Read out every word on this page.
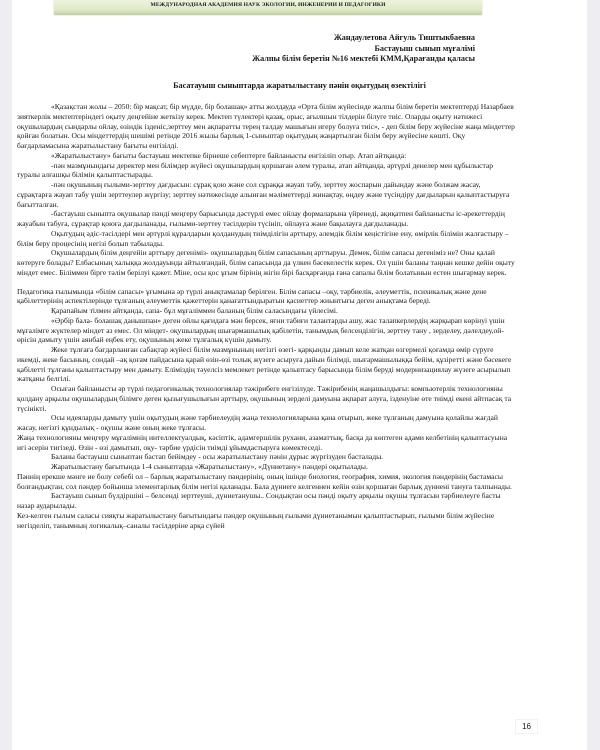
МЕЖДУНАРОДНАЯ АКАДЕМИЯ НАУК ЭКОЛОГИИ, ИНЖЕНЕРИИ И ПЕДАГОГИКИ
Жандаулетова Айгуль Тиштыкбаевна
Бастауыш сынып мұғалімі
Жалпы білім беретін №16 мектебі КММ,Қарағанды қаласы
Басатауыш сыныптарда жаратылыстану пәнін оқытудың өзектілігі

«Қазақстан жолы – 2050: бір мақсат, бір мүдде, бір болашақ» атты жолдауда «Орта білім жүйесінде жалпы білім беретін мектептерді Назарбаев зияткерлік мектептеріндегі оқыту деңгейіне жеткізу керек. Мектеп түлектері қазақ, орыс, ағылшын тілдерін білуге тиіс. Оларды оқыту нәтижесі оқушылардың сындарлы ойлау, өзіндік ізденіс,зерттеу мен ақпаратты терең талдау машығын игеру болуға тиіс», - деп білім беру жүйесіне жаңа міндеттер қойған болатын. Осы міндеттердің шешімі ретінде 2016 жылы барлық 1-сыныптар оқытудың жаңартылған білім беру жүйесіне көшті. Оқу бағдарламасына жаратылыстану бағыты енгізілді.

«Жаратылыстану» бағыты бастауыш мектепке бірнеше себептерге байланысты енгізіліп отыр. Атап айтқанда:

-пән мазмұнындағы деректер мен білімдер жүйесі оқушылардың қоршаған әлем туралы, атап айтқанда, әртүрлі денелер мен құбылыстар туралы алғашқы білімін қалыптастырады.

-пән оқушының ғылыми-зерттеу дағдысын: сұрақ қою және сол сұраққа жауап табу, зерттеу жоспарын дайындау және болжам жасау, сұрақтарға жауап табу үшін зерттеулер жүргізу; зерттеу нәтижесінде алынған мәліметтерді жинақтау, өңдеу және түсіндіру дағдыларын қалыптастыруға бағытталған.

-бастауыш сыныпта оқушылар пәнді меңгеру барысында дәстүрлі емес ойлау формаларына үйренеді, ақиқатпен байланысты іс-әрекеттердің жауабын табуға, сұрақтар қоюға дағдыланады, ғылыми-зерттеу тәсілдерін түсініп, ойлауға және бақылауға дағдыланады.

Оқытудың әдіс-тәсілдері мен әртүрлі құралдарын қолданудың тиімділігін арттыру, әлемдік білім кеңістігіне ену, өмірлік білімін жалғастыру – білім беру процесінің негізі болып табылады.

Оқушылардың білім деңгейін арттыру дегеніміз- оқушылардың білім сапасының арттыруы. Демек, білім сапасы дегеніміз не? Оны қалай көтеруге болады? Елбасының халыққа жолдауында айтылғандай, білім сапасында да үлкен бәсекелестік керек. Ол үшін баланы таңнан кешке дейін оқыту міндет емес. Біліммен бірге тәлім берілуі қажет. Міне, осы қос ұғым бірінің жігін бірі басқарғанда ғана сапалы білім болатынын естен шығармау керек.

Педагогика ғылымында «білім сапасы» ұғымына әр түрлі анықтамалар берілген. Білім сапасы –оқу, тәрбиелік, әлеуметтік, психикалық және дене қабілеттерінің аспектілерінде тұлғаның әлеуметтік қажеттерін қанағаттындыратын қасиеттер жиынтығы деген анықтама береді.

Қарапайым тілмен айтқанда, сапа- бұл мұғаліммен баланың білім саласындағы үйлесімі.

«Әрбір бала- болашақ данышпан» деген ойлы қағидаға мән берсек, яғни табиғи талантарды ашу, жас талапкерлердің жарқырап көрінуі үшін мұғалімге жүктелер міндет аз емес. Ол міндет- оқушылардың шығармашылық қабілетін, танымдық белсенділігін, зерттеу тану , зерделеу, дәлелдеу,ой- өрісін дамыту үшін аянбай еңбек ету, оқушының жеке тұлғалық күшін дамыту.

Жеке тұлғаға бағдарланған сабақтар жүйесі білім мазмұнының негізгі өзегі- қарқынды дамып келе жатқан өзгермелі қоғамда өмір сүруге икемді, жеке басының, сондай –ақ қоғам пайдасына қарай өзін-өзі толық жүзеге асыруға дайын білімді, шығармашылыққа бейім, құзіретті және бәсекеге қабілетті тұлғаны қалыптастыру мен дамыту. Еліміздің тәуелсіз мемлекет ретінде қалыптасу барысында білім беруді модернизациялау жүзеге асырылып жатқаны белгілі.

Осыған байланысты әр түрлі педагогикалық технологиялар тәжірибеге енгізілуде. Тәжірибенің жаңашылдығы: компьютерлік технологияны қолдану арқылы оқушылардың білімге деген қызығушылығын арттыру, оқушының зерделі дамуына ақпарат алуға, ізденуіне өте тиімді екені айтпасақ та түсінікті.

Осы идеяларды дамыту үшін оқытудың және тәрбиелеудің жаңа технологияларына қана отырып, жеке тұлғаның дамуына қолайлы жағдай жасау, негізгі құндылық - оқушы және оның жеке тұлғасы.

Жаңа технологияны меңгеру мұғалімнің интеллектуалдық, кәсіптік, адамгершілік рухани, азаматтық, басқа да көптеген адами келбетінің қалыптасуына игі әсерін тигізеді. Өзін - өзі дамытып, оқу- тәрбие үрдісін тиімді ұйымдастыруға көмектеседі.

Баланы бастауыш сыныптан бастап бейімдеу - осы жаратылыстану пәнін дұрыс жүргізуден басталады.

Жаратылыстану бағытында 1-4 сыныптарда «Жаратылыстану», «Дүниетану» пәндері оқытылады.

Пәннің ерекше мәнге ие болу себебі ол – барлық жаратылыстану пәндерінің, оның ішінде биология, география, химия, экология пәндерінің бастамасы болғандықтан, сол пәндер бойынша элементарлық білім негізі қаланады. Бала дүниеге келгеннен кейін өзін қоршаған барлық дүниені тануға талпынады.

Бастауыш сынып бүлдіршіні – белсенді зерттеуші, дүниетанушы.. Сондықтан осы пәнді оқыту арқылы оқушы тұлғасын тәрбиелеуге басты назар аударылады.

Кез-келген ғылым саласы сияқты жаратылыстану бағытындағы пәндер оқушының ғылыми дүниетанымын қалыптастырып, ғылыми білім жүйесіне негізделіп, танымның логикалық–саналы тәсілдеріне арқа сүйей

16
